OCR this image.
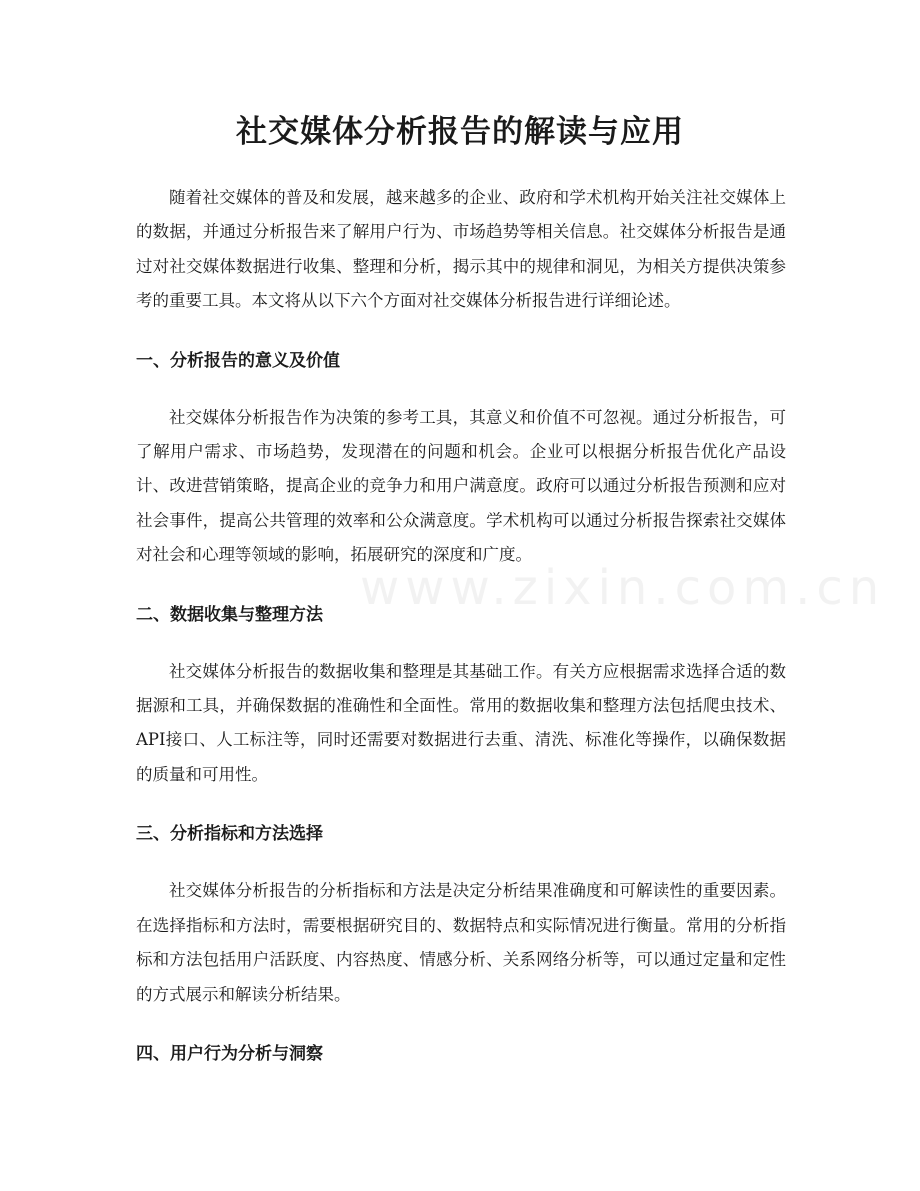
社交媒体分析报告的解读与应用

随着社交媒体的普及和发展，越来越多的企业、政府和学术机构开始关注社交媒体上的数据，并通过分析报告来了解用户行为、市场趋势等相关信息。社交媒体分析报告是通过对社交媒体数据进行收集、整理和分析，揭示其中的规律和洞见，为相关方提供决策参考的重要工具。本文将从以下六个方面对社交媒体分析报告进行详细论述。

一、分析报告的意义及价值

社交媒体分析报告作为决策的参考工具，其意义和价值不可忽视。通过分析报告，可了解用户需求、市场趋势，发现潜在的问题和机会。企业可以根据分析报告优化产品设计、改进营销策略，提高企业的竞争力和用户满意度。政府可以通过分析报告预测和应对社会事件，提高公共管理的效率和公众满意度。学术机构可以通过分析报告探索社交媒体对社会和心理等领域的影响，拓展研究的深度和广度。

二、数据收集与整理方法

社交媒体分析报告的数据收集和整理是其基础工作。有关方应根据需求选择合适的数据源和工具，并确保数据的准确性和全面性。常用的数据收集和整理方法包括爬虫技术、API接口、人工标注等，同时还需要对数据进行去重、清洗、标准化等操作，以确保数据的质量和可用性。

三、分析指标和方法选择

社交媒体分析报告的分析指标和方法是决定分析结果准确度和可解读性的重要因素。在选择指标和方法时，需要根据研究目的、数据特点和实际情况进行衡量。常用的分析指标和方法包括用户活跃度、内容热度、情感分析、关系网络分析等，可以通过定量和定性的方式展示和解读分析结果。

四、用户行为分析与洞察
www.zixin.com.cn
